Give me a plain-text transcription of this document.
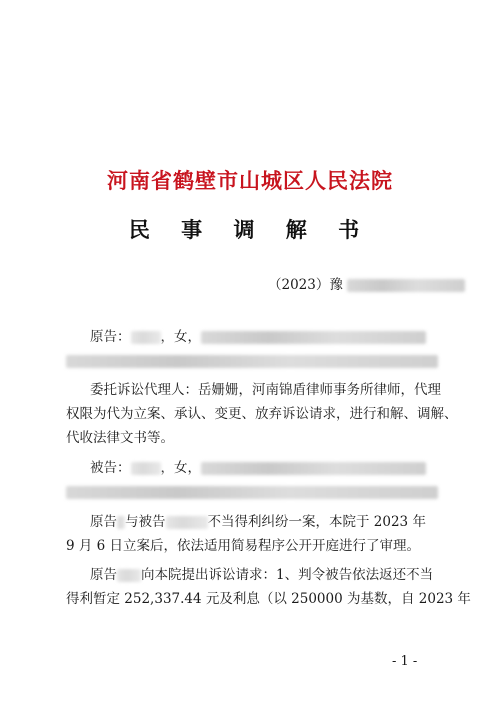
河南省鹤壁市山城区人民法院
民 事 调 解 书
（2023）豫
原告： ，女，
委托诉讼代理人：岳姗姗，河南锦盾律师事务所律师，代理
权限为代为立案、承认、变更、放弃诉讼请求，进行和解、调解、
代收法律文书等。
被告： ，女，
原告 与被告	不当得利纠纷一案，本院于 2023 年
9 月 6 日立案后，依法适用简易程序公开开庭进行了审理。
原告 向本院提出诉讼请求：1、判令被告依法返还不当
得利暂定 252,337.44 元及利息（以 250000 为基数，自 2023 年
- 1 -
